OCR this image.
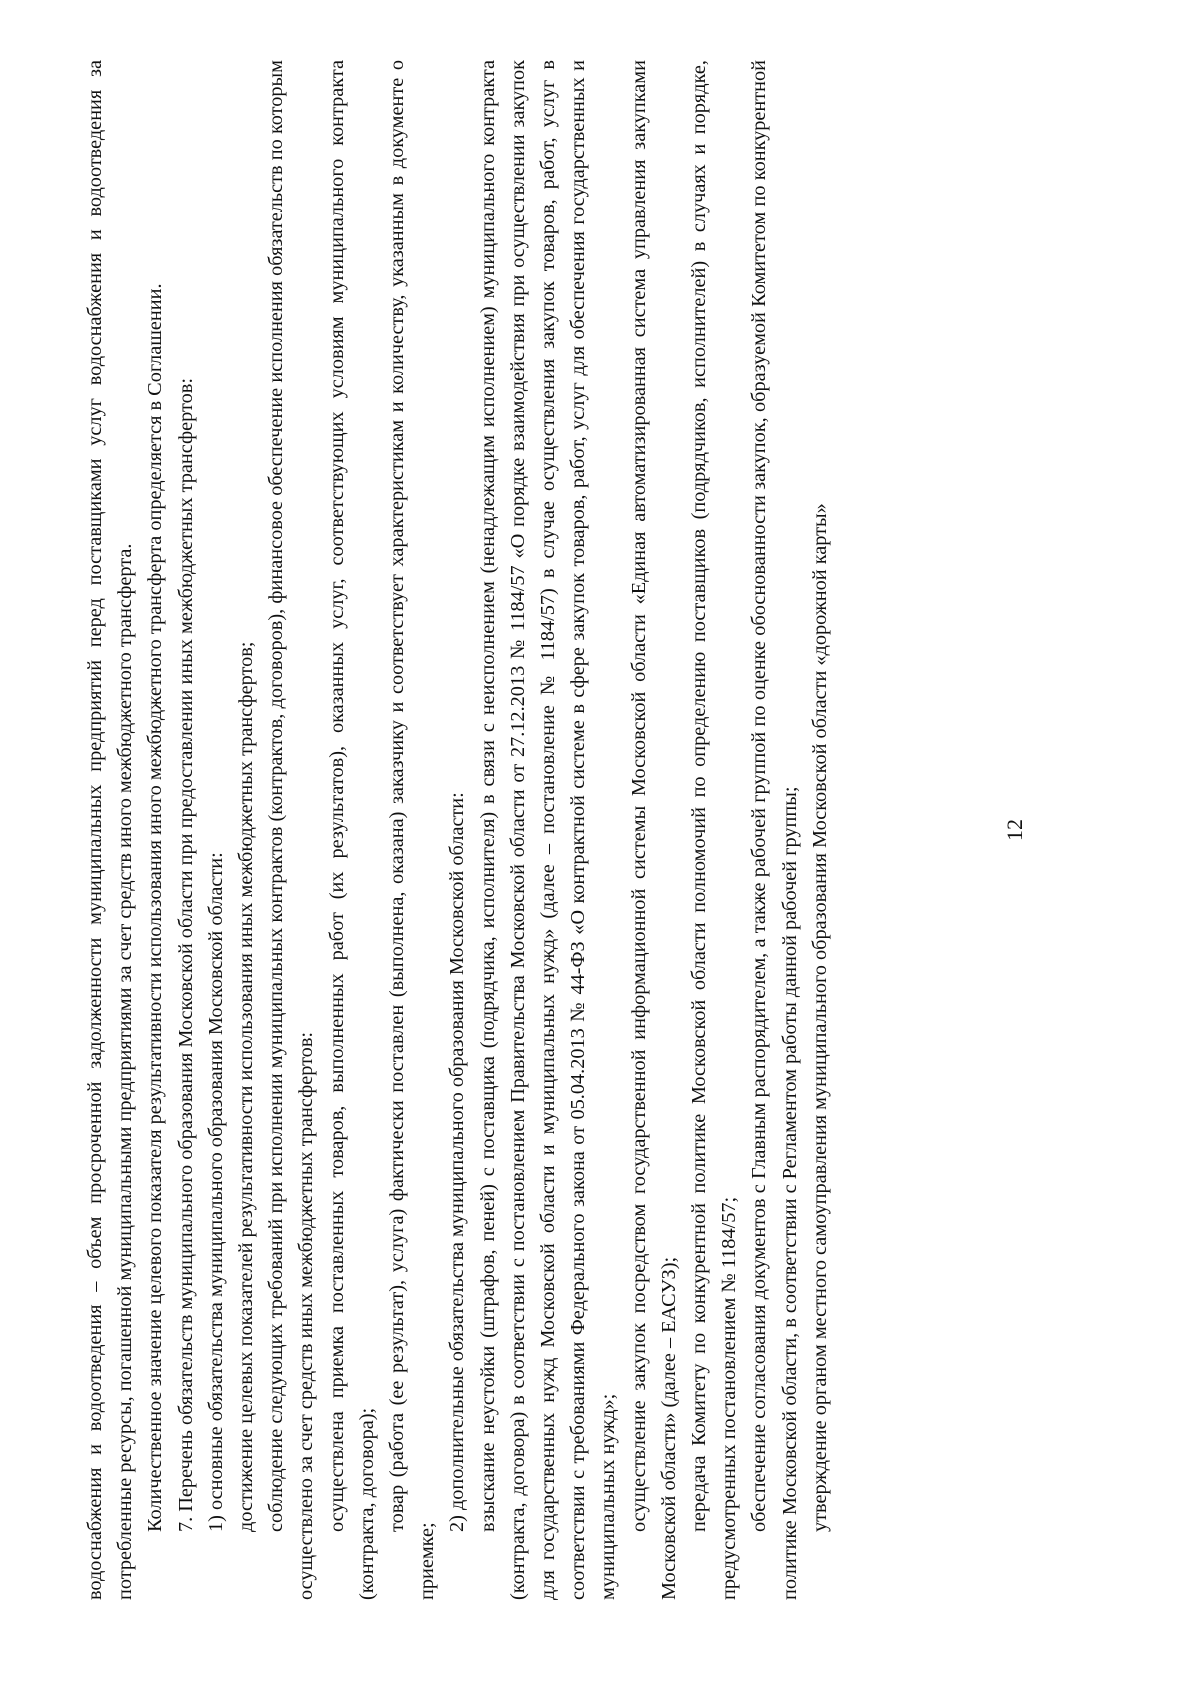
водоснабжения и водоотведения – объем просроченной задолженности муниципальных предприятий перед поставщиками услуг водоснабжения и водоотведения за потребленные ресурсы, погашенной муниципальными предприятиями за счет средств иного межбюджетного трансферта. Количественное значение целевого показателя результативности использования иного межбюджетного трансферта определяется в Соглашении. 7. Перечень обязательств муниципального образования Московской области при предоставлении иных межбюджетных трансфертов: 1) основные обязательства муниципального образования Московской области: достижение целевых показателей результативности использования иных межбюджетных трансфертов; соблюдение следующих требований при исполнении муниципальных контрактов (контрактов, договоров), финансовое обеспечение исполнения обязательств по которым осуществлено за счет средств иных межбюджетных трансфертов: осуществлена приемка поставленных товаров, выполненных работ (их результатов), оказанных услуг, соответствующих условиям муниципального контракта (контракта, договора); товар (работа (ее результат), услуга) фактически поставлен (выполнена, оказана) заказчику и соответствует характеристикам и количеству, указанным в документе о приемке;

2) дополнительные обязательства муниципального образования Московской области: взыскание неустойки (штрафов, пеней) с поставщика (подрядчика, исполнителя) в связи с неисполнением (ненадлежащим исполнением) муниципального контракта (контракта, договора) в соответствии с постановлением Правительства Московской области от 27.12.2013 № 1184/57 «О порядке взаимодействия при осуществлении закупок для государственных нужд Московской области и муниципальных нужд» (далее – постановление № 1184/57) в случае осуществления закупок товаров, работ, услуг в соответствии с требованиями Федерального закона от 05.04.2013 № 44-ФЗ «О контрактной системе в сфере закупок товаров, работ, услуг для обеспечения государственных и муниципальных нужд»; осуществление закупок посредством государственной информационной системы Московской области «Единая автоматизированная система управления закупками Московской области» (далее – ЕАСУЗ); передача Комитету по конкурентной политике Московской области полномочий по определению поставщиков (подрядчиков, исполнителей) в случаях и порядке, предусмотренных постановлением № 1184/57; обеспечение согласования документов с Главным распорядителем, а также рабочей группой по оценке обоснованности закупок, образуемой Комитетом по конкурентной политике Московской области, в соответствии с Регламентом работы данной рабочей группы; утверждение органом местного самоуправления муниципального образования Московской области «дорожной карты»	12
